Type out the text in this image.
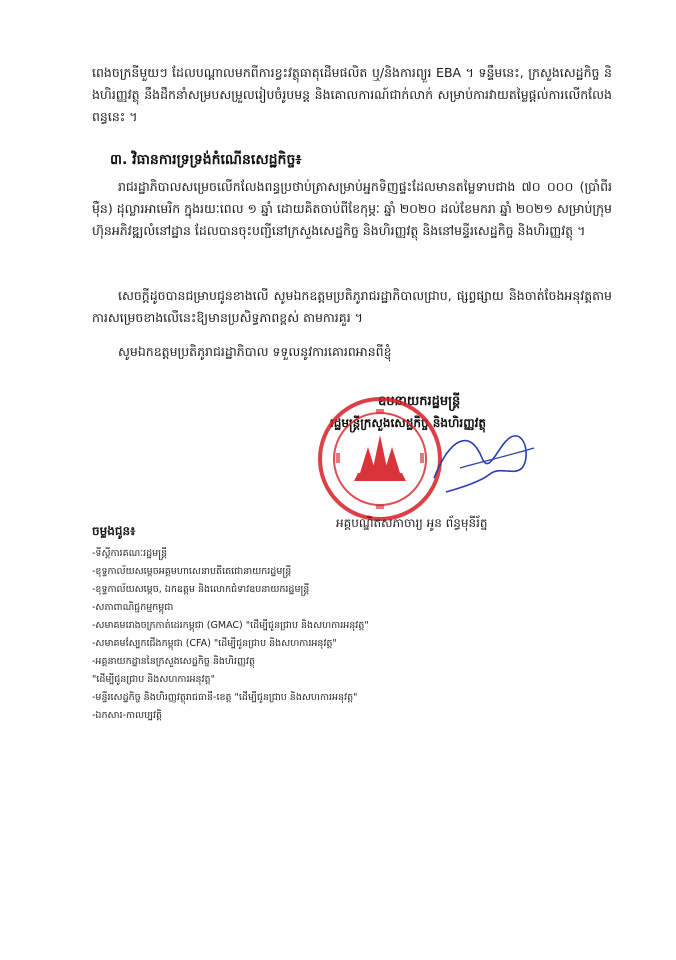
ពេងចក្រនីមួយៗ ដែលបណ្តាលមកពីការខ្វះវត្ថុធាតុដើមផលិត ឬ/និងការព្យួរ EBA ។ ទន្ទឹមនេះ, ក្រសួងសេដ្ឋកិច្ច និងហិរញ្ញវត្ថុ នឹងដឹកនាំសម្របសម្រួលរៀបចំរូបមន្ត និងគោលការណ៍ជាក់លាក់ សម្រាប់ការវាយតម្លៃផ្តល់ការលើកលែងពន្ធនេះ ។
៣. វិធានការទ្រទ្រង់កំណើនសេដ្ឋកិច្ច៖
រាជរដ្ឋាភិបាលសម្រេចលើកលែងពន្ធប្រថាប់ត្រាសម្រាប់អ្នកទិញផ្ទះដែលមានតម្លៃទាបជាង ៧០ ០០០ (ប្រាំពីរម៉ឺន) ដុល្លារអាមេរិក ក្នុងរយៈពេល ១ ឆ្នាំ ដោយគិតចាប់ពីខែកុម្ភៈ ឆ្នាំ ២០២០ ដល់ខែមករា ឆ្នាំ ២០២១ សម្រាប់ក្រុមហ៊ុនអភិវឌ្ឍលំនៅដ្ឋាន ដែលបានចុះបញ្ជីនៅក្រសួងសេដ្ឋកិច្ច និងហិរញ្ញវត្ថុ និងនៅមន្ទីរសេដ្ឋកិច្ច និងហិរញ្ញវត្ថុ ។
សេចក្តីដូចបានជម្រាបជូនខាងលើ សូមឯកឧត្តមប្រតិភូរាជរដ្ឋាភិបាលជ្រាប, ផ្សព្វផ្សាយ និងចាត់ចែងអនុវត្តតាមការសម្រេចខាងលើនេះឱ្យមានប្រសិទ្ធភាពខ្ពស់ តាមការគួរ ។
សូមឯកឧត្តមប្រតិភូរាជរដ្ឋាភិបាល ទទួលនូវការគោរពអានពីខ្ញុំ
ឧបនាយករដ្ឋមន្ត្រី
រដ្ឋមន្ត្រីក្រសួងសេដ្ឋកិច្ច និងហិរញ្ញវត្ថុ
អគ្គបណ្ឌិតសភាចារ្យ អូន ព័ន្ធមុនីរ័ត្ន
ចម្លងជូន៖
-ទីស្តីការគណៈរដ្ឋមន្ត្រី
-ខុទ្ទកាល័យសម្តេចអគ្គមហាសេនាបតីតេជោនាយករដ្ឋមន្ត្រី
-ខុទ្ទកាល័យសម្តេច, ឯកឧត្តម និងលោកជំទាវឧបនាយករដ្ឋមន្ត្រី
-សភាពាណិជ្ជកម្មកម្ពុជា
-សមាគមរោងចក្រកាត់ដេរកម្ពុជា (GMAC) "ដើម្បីជូនជ្រាប និងសហការអនុវត្ត"
-សមាគមស្បែកជើងកម្ពុជា (CFA) "ដើម្បីជូនជ្រាប និងសហការអនុវត្ត"
-អគ្គនាយកដ្ឋាននៃក្រសួងសេដ្ឋកិច្ច និងហិរញ្ញវត្ថុ
"ដើម្បីជូនជ្រាប និងសហការអនុវត្ត"
-មន្ទីរសេដ្ឋកិច្ច និងហិរញ្ញវត្ថុរាជធានី-ខេត្ត "ដើម្បីជូនជ្រាប និងសហការអនុវត្ត"
-ឯកសារ-កាលប្បវត្តិ
